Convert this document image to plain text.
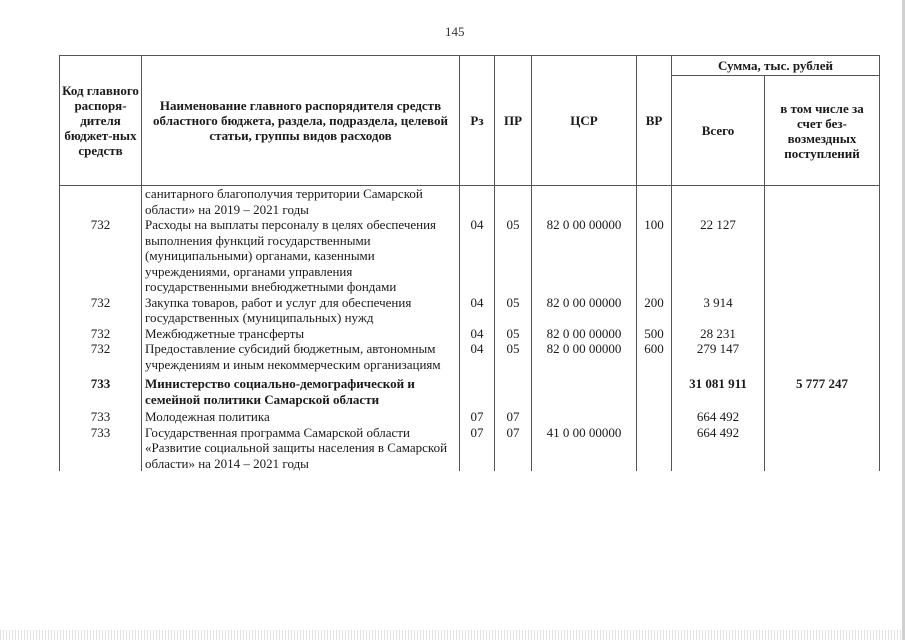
145
Код главного распоря-дителя бюджет-ных средств	Наименование главного распорядителя средств областного бюджета, раздела, подраздела, целевой статьи, группы видов расходов	Рз	ПР	ЦСР	ВР	Сумма, тыс. рублей	
						Всего	в том числе за счет без-возмездных поступлений
	санитарного благополучия территории Самарской области» на 2019 – 2021 годы						
732	Расходы на выплаты персоналу в целях обеспечения выполнения функций государственными (муниципальными) органами, казенными учреждениями, органами управления государственными внебюджетными фондами	04	05	82 0 00 00000	100	22 127	
732	Закупка товаров, работ и услуг для обеспечения государственных (муниципальных) нужд	04	05	82 0 00 00000	200	3 914	
732	Межбюджетные трансферты	04	05	82 0 00 00000	500	28 231	
732	Предоставление субсидий бюджетным, автономным учреждениям и иным некоммерческим организациям	04	05	82 0 00 00000	600	279 147	
733	Министерство социально-демографической и семейной политики Самарской области					31 081 911	5 777 247
733	Молодежная политика	07	07			664 492	
733	Государственная программа Самарской области «Развитие социальной защиты населения в Самарской области» на 2014 – 2021 годы	07	07	41 0 00 00000		664 492	
